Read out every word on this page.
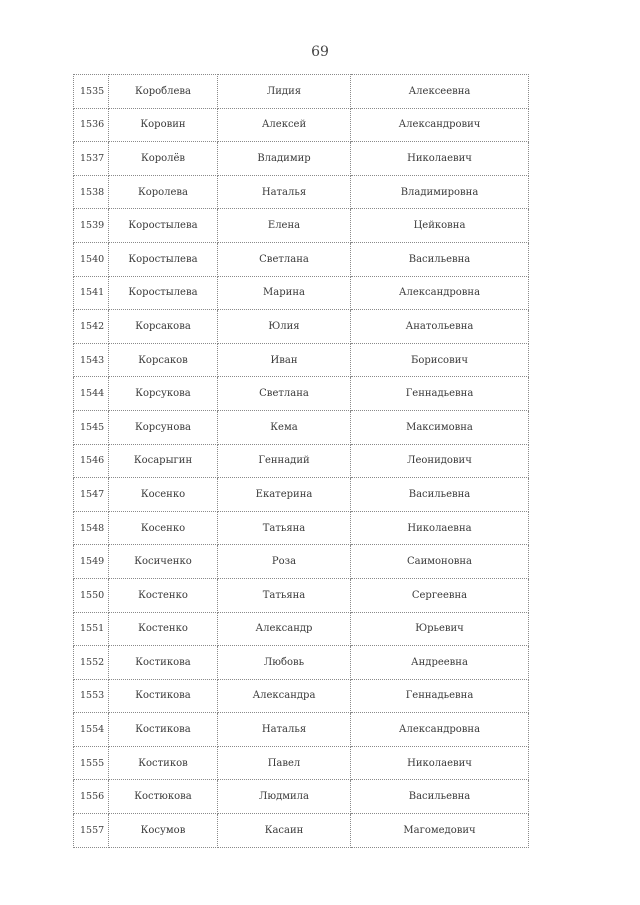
69
1535	Короблева	Лидия	Алексеевна
1536	Коровин	Алексей	Александрович
1537	Королёв	Владимир	Николаевич
1538	Королева	Наталья	Владимировна
1539	Коростылева	Елена	Цейковна
1540	Коростылева	Светлана	Васильевна
1541	Коростылева	Марина	Александровна
1542	Корсакова	Юлия	Анатольевна
1543	Корсаков	Иван	Борисович
1544	Корсукова	Светлана	Геннадьевна
1545	Корсунова	Кема	Максимовна
1546	Косарыгин	Геннадий	Леонидович
1547	Косенко	Екатерина	Васильевна
1548	Косенко	Татьяна	Николаевна
1549	Косиченко	Роза	Саимоновна
1550	Костенко	Татьяна	Сергеевна
1551	Костенко	Александр	Юрьевич
1552	Костикова	Любовь	Андреевна
1553	Костикова	Александра	Геннадьевна
1554	Костикова	Наталья	Александровна
1555	Костиков	Павел	Николаевич
1556	Костюкова	Людмила	Васильевна
1557	Косумов	Касаин	Магомедович
